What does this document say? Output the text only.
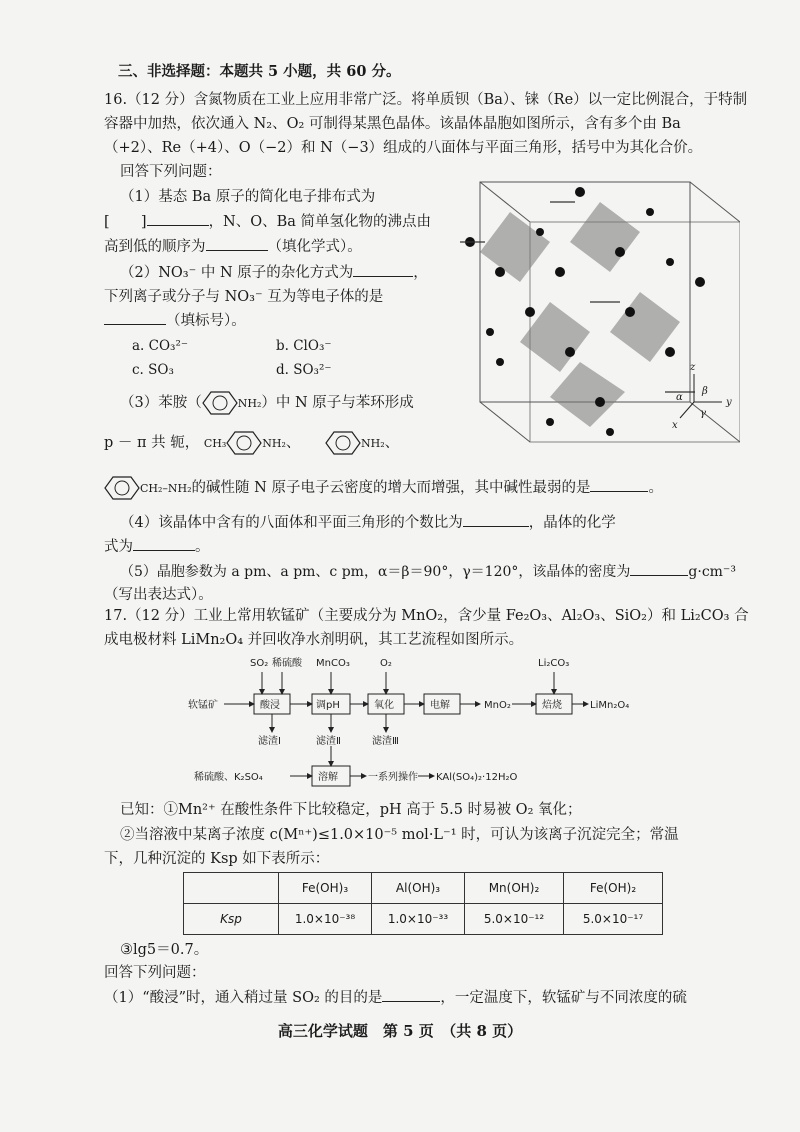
三、非选择题：本题共 5 小题，共 60 分。
16.（12 分）含氮物质在工业上应用非常广泛。将单质钡（Ba）、铼（Re）以一定比例混合，于特制
容器中加热，依次通入 N₂、O₂ 可制得某黑色晶体。该晶体晶胞如图所示，含有多个由 Ba
（+2）、Re（+4）、O（−2）和 N（−3）组成的八面体与平面三角形，括号中为其化合价。
回答下列问题：
（1）基态 Ba 原子的简化电子排布式为
[ ]	，N、O、Ba 简单氢化物的沸点由
高到低的顺序为	（填化学式）。
（2）NO₃⁻ 中 N 原子的杂化方式为	，
下列离子或分子与 NO₃⁻ 互为等电子体的是
（填标号）。
a. CO₃²⁻	b. ClO₃⁻
c. SO₃	d. SO₃²⁻
（3）苯胺（	NH₂）中 N 原子与苯环形成
p － π 共 轭， CH₃	NH₂、	NH₂、
CH₂–NH₂的碱性随 N 原子电子云密度的增大而增强，其中碱性最弱的是	。
（4）该晶体中含有的八面体和平面三角形的个数比为	，晶体的化学
式为	。
（5）晶胞参数为 a pm、a pm、c pm，α＝β＝90°，γ＝120°，该晶体的密度为	g·cm⁻³
（写出表达式）。
z
α
β
γ
x
y
17.（12 分）工业上常用软锰矿（主要成分为 MnO₂，含少量 Fe₂O₃、Al₂O₃、SiO₂）和 Li₂CO₃ 合
成电极材料 LiMn₂O₄ 并回收净水剂明矾，其工艺流程如图所示。
SO₂ 稀硫酸 MnCO₃	O₂	Li₂CO₃
软锰矿	酸浸	调pH	氧化	电解	MnO₂	焙烧	LiMn₂O₄
滤渣Ⅰ	滤渣Ⅱ	滤渣Ⅲ
稀硫酸、K₂SO₄	溶解	一系列操作 KAl(SO₄)₂·12H₂O
已知：①Mn²⁺ 在酸性条件下比较稳定，pH 高于 5.5 时易被 O₂ 氧化；
②当溶液中某离子浓度 c(Mⁿ⁺)≤1.0×10⁻⁵ mol·L⁻¹ 时，可认为该离子沉淀完全；常温
下，几种沉淀的 Ksp 如下表所示：
	Fe(OH)₃	Al(OH)₃	Mn(OH)₂	Fe(OH)₂
Ksp	1.0×10⁻³⁸	1.0×10⁻³³	5.0×10⁻¹²	5.0×10⁻¹⁷
③lg5＝0.7。
回答下列问题：
（1）“酸浸”时，通入稍过量 SO₂ 的目的是	，一定温度下，软锰矿与不同浓度的硫
高三化学试题　第 5 页　（共 8 页）
